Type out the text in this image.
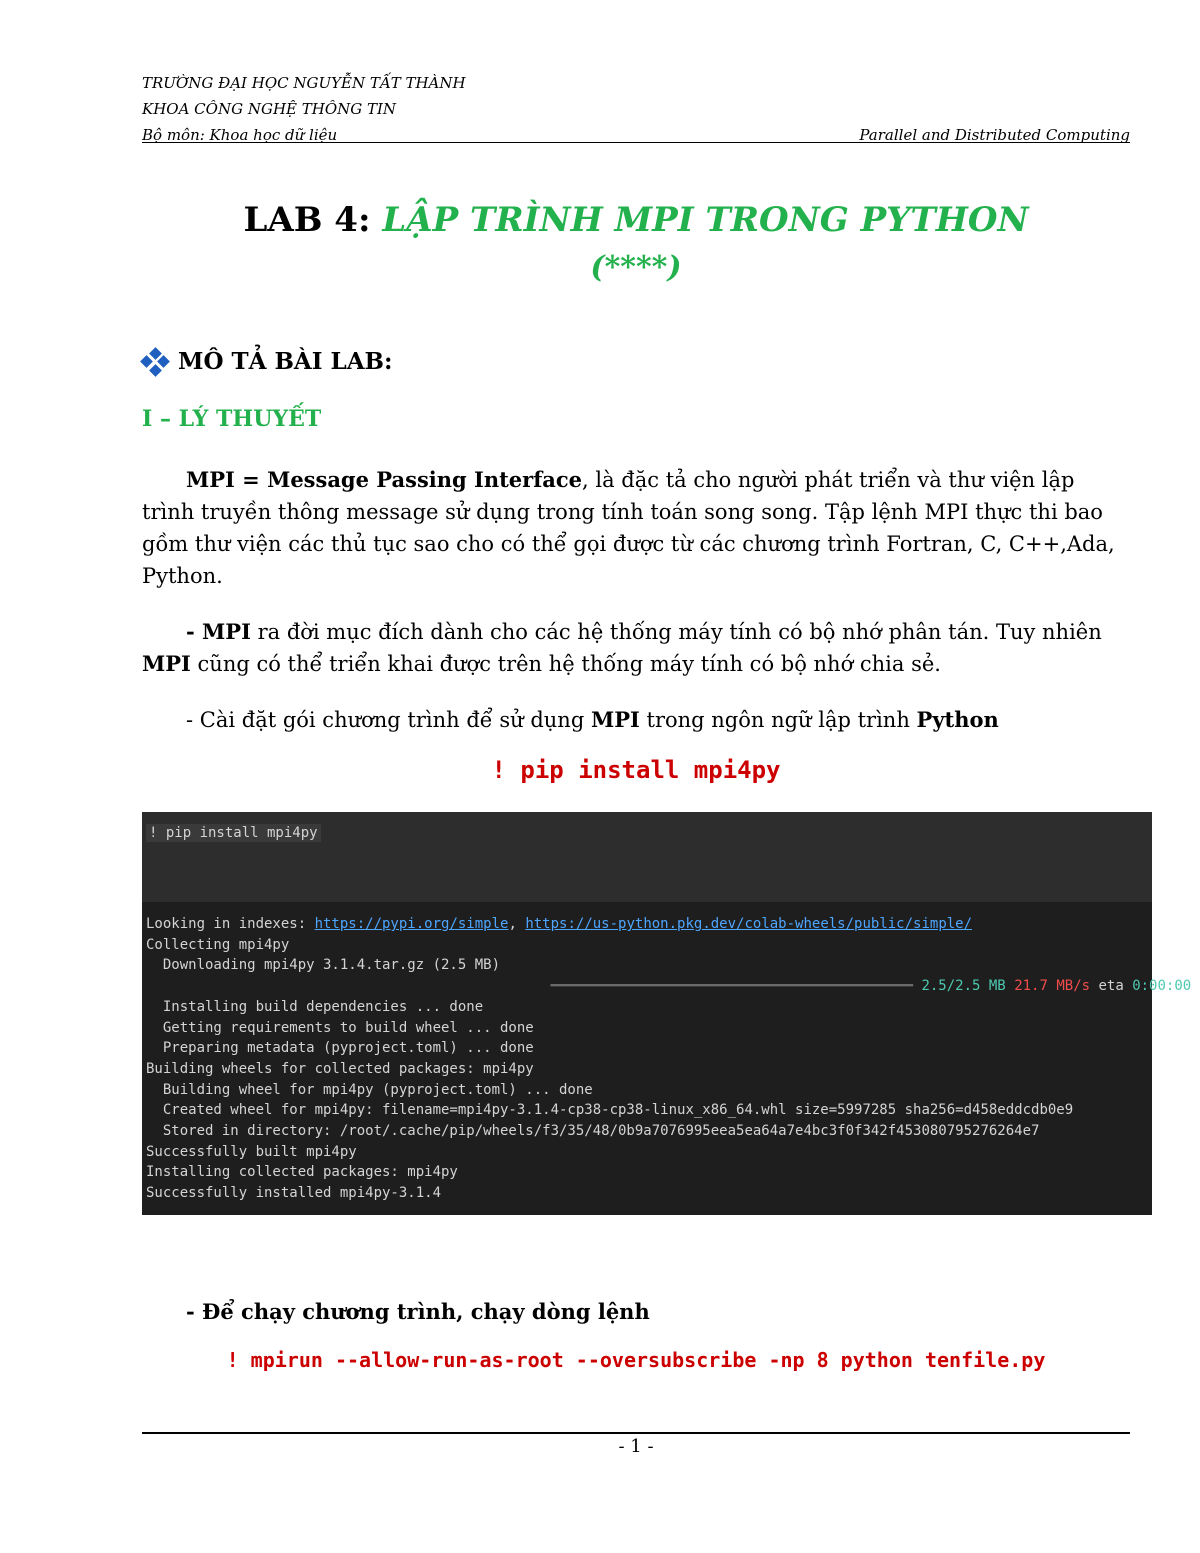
TRƯỜNG ĐẠI HỌC NGUYỄN TẤT THÀNH
KHOA CÔNG NGHỆ THÔNG TIN
Bộ môn: Khoa học dữ liệu	Parallel and Distributed Computing
LAB 4: LẬP TRÌNH MPI TRONG PYTHON
(****)
MÔ TẢ BÀI LAB:
I – LÝ THUYẾT
MPI = Message Passing Interface, là đặc tả cho người phát triển và thư viện lập trình truyền thông message sử dụng trong tính toán song song. Tập lệnh MPI thực thi bao gồm thư viện các thủ tục sao cho có thể gọi được từ các chương trình Fortran, C, C++,Ada, Python.
- MPI ra đời mục đích dành cho các hệ thống máy tính có bộ nhớ phân tán. Tuy nhiên MPI cũng có thể triển khai được trên hệ thống máy tính có bộ nhớ chia sẻ.
- Cài đặt gói chương trình để sử dụng MPI trong ngôn ngữ lập trình Python
! pip install mpi4py
! pip install mpi4py
Looking in indexes: https://pypi.org/simple, https://us-python.pkg.dev/colab-wheels/public/simple/
Collecting mpi4py
Downloading mpi4py 3.1.4.tar.gz (2.5 MB)
━━━━━━━━━━━━━━━━━━━━━━━━━━━━━━━━━━━━━━━━━━━ 2.5/2.5 MB 21.7 MB/s eta 0:00:00
Installing build dependencies ... done
Getting requirements to build wheel ... done
Preparing metadata (pyproject.toml) ... done
Building wheels for collected packages: mpi4py
Building wheel for mpi4py (pyproject.toml) ... done
Created wheel for mpi4py: filename=mpi4py-3.1.4-cp38-cp38-linux_x86_64.whl size=5997285 sha256=d458eddcdb0e9
Stored in directory: /root/.cache/pip/wheels/f3/35/48/0b9a7076995eea5ea64a7e4bc3f0f342f453080795276264e7
Successfully built mpi4py
Installing collected packages: mpi4py
Successfully installed mpi4py-3.1.4
- Để chạy chương trình, chạy dòng lệnh
! mpirun --allow-run-as-root --oversubscribe -np 8 python tenfile.py
- 1 -
